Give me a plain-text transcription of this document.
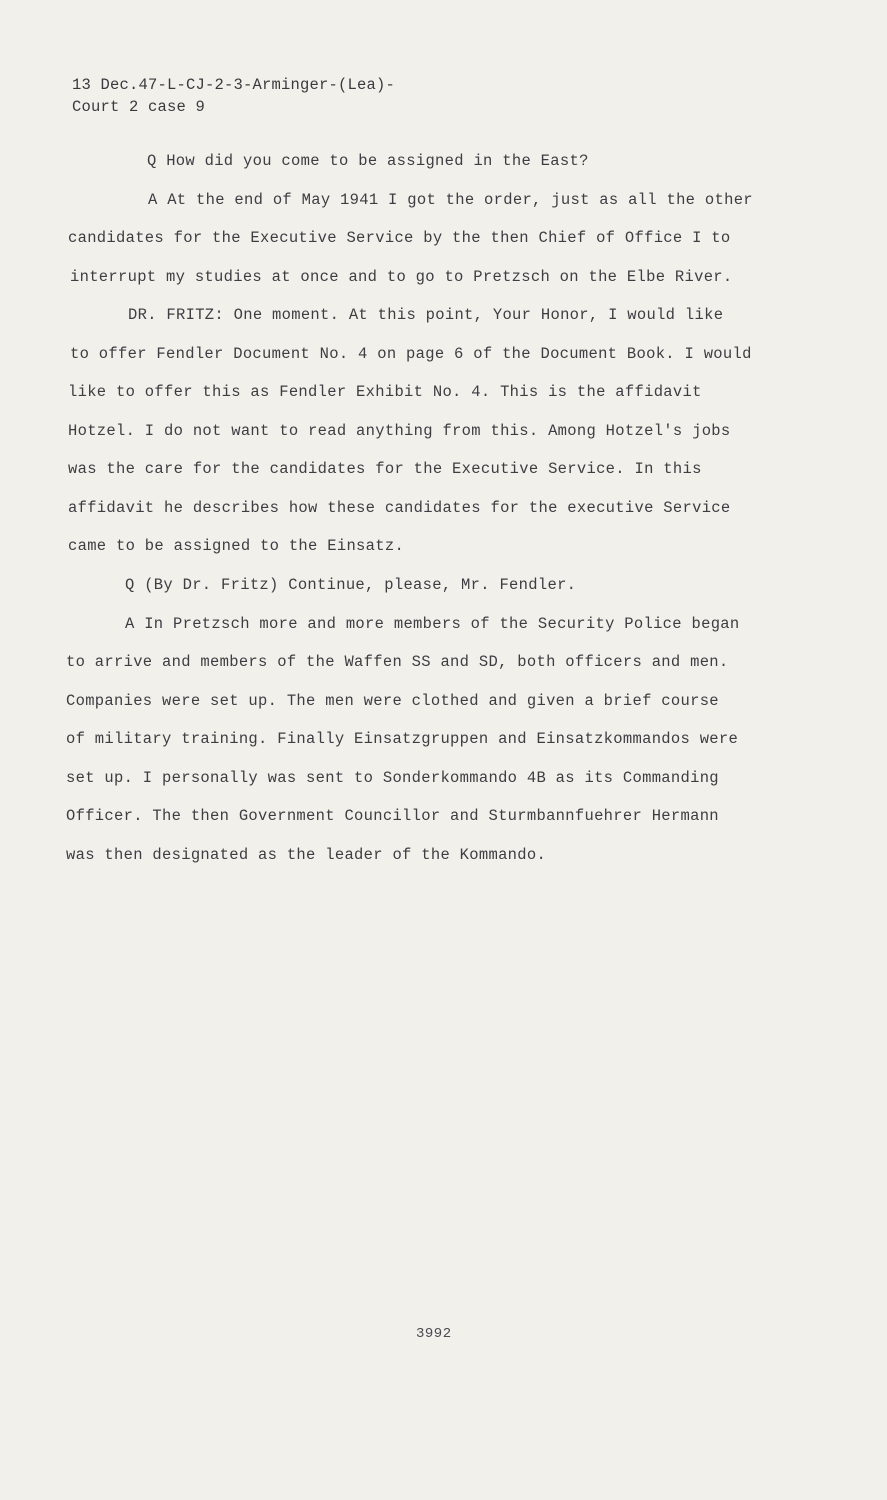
13 Dec.47-L-CJ-2-3-Arminger-(Lea)-
Court 2 case 9
Q How did you come to be assigned in the East?
A At the end of May 1941 I got the order, just as all the other
candidates for the Executive Service by the then Chief of Office I to
interrupt my studies at once and to go to Pretzsch on the Elbe River.
DR. FRITZ: One moment. At this point, Your Honor, I would like
to offer Fendler Document No. 4 on page 6 of the Document Book. I would
like to offer this as Fendler Exhibit No. 4. This is the affidavit
Hotzel. I do not want to read anything from this. Among Hotzel's jobs
was the care for the candidates for the Executive Service. In this
affidavit he describes how these candidates for the executive Service
came to be assigned to the Einsatz.
Q (By Dr. Fritz) Continue, please, Mr. Fendler.
A In Pretzsch more and more members of the Security Police began
to arrive and members of the Waffen SS and SD, both officers and men.
Companies were set up. The men were clothed and given a brief course
of military training. Finally Einsatzgruppen and Einsatzkommandos were
set up. I personally was sent to Sonderkommando 4B as its Commanding
Officer. The then Government Councillor and Sturmbannfuehrer Hermann
was then designated as the leader of the Kommando.
3992
